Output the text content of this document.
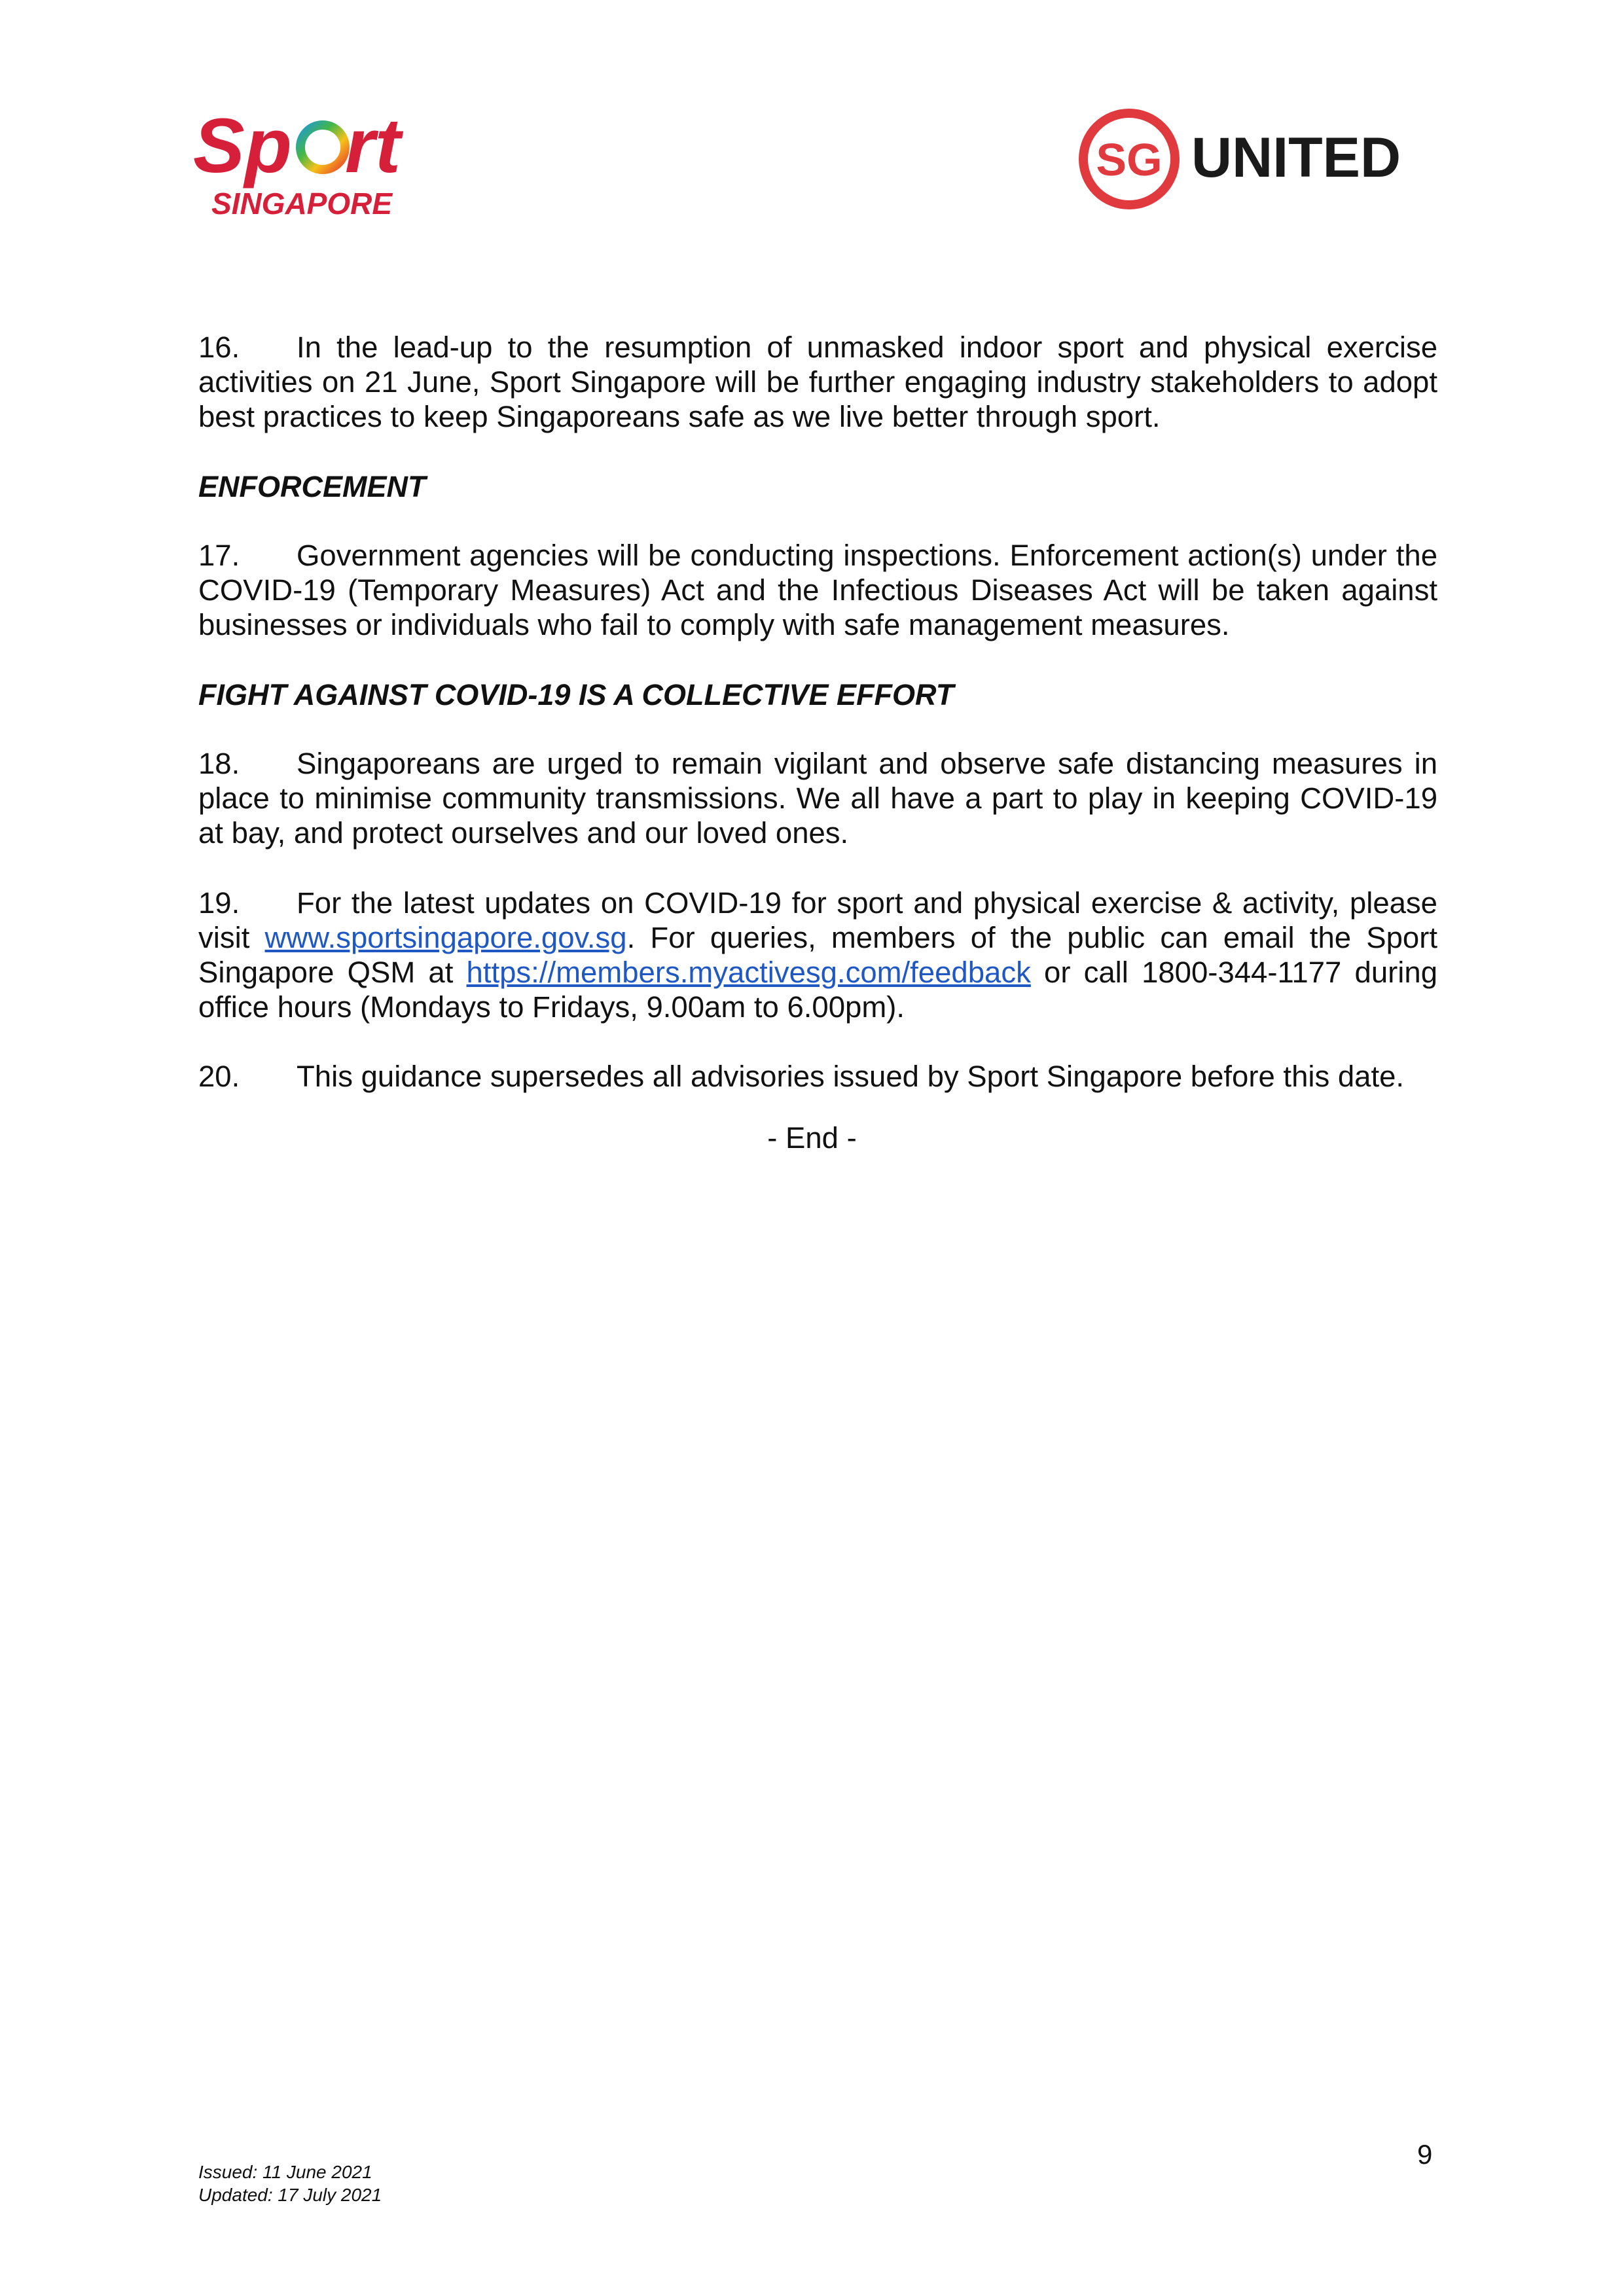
Sp rt
SINGAPORE
SG UNITED
16. In the lead-up to the resumption of unmasked indoor sport and physical exercise activities on 21 June, Sport Singapore will be further engaging industry stakeholders to adopt best practices to keep Singaporeans safe as we live better through sport.
ENFORCEMENT
17. Government agencies will be conducting inspections. Enforcement action(s) under the COVID-19 (Temporary Measures) Act and the Infectious Diseases Act will be taken against businesses or individuals who fail to comply with safe management measures.
FIGHT AGAINST COVID-19 IS A COLLECTIVE EFFORT
18. Singaporeans are urged to remain vigilant and observe safe distancing measures in place to minimise community transmissions. We all have a part to play in keeping COVID-19 at bay, and protect ourselves and our loved ones.
19. For the latest updates on COVID-19 for sport and physical exercise & activity, please visit www.sportsingapore.gov.sg. For queries, members of the public can email the Sport Singapore QSM at https://members.myactivesg.com/feedback or call 1800-344-1177 during office hours (Mondays to Fridays, 9.00am to 6.00pm).
20. This guidance supersedes all advisories issued by Sport Singapore before this date.
- End -
9
Issued: 11 June 2021
Updated: 17 July 2021
